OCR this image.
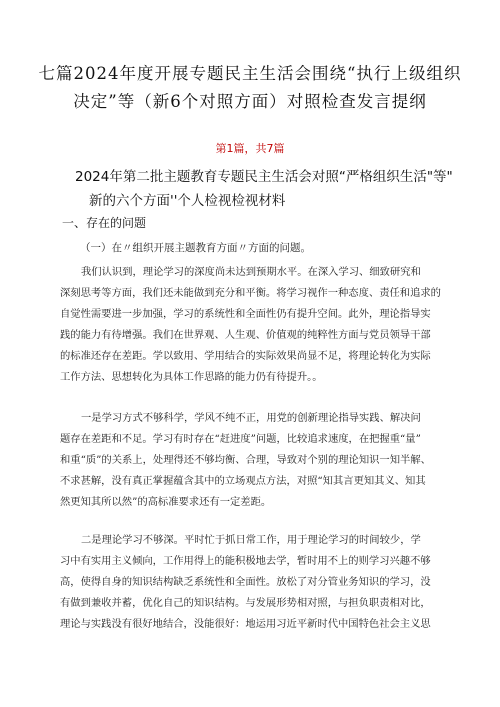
七篇2024年度开展专题民主生活会围绕“执行上级组织
决定”等（新6个对照方面）对照检查发言提纲
第1篇，共7篇
2024年第二批主题教育专题民主生活会对照“严格组织生活"等"
新的六个方面''个人检视检视材料
一、存在的问题
（一）在〃组织开展主题教育方面〃方面的问题。
我们认识到，理论学习的深度尚未达到预期水平。在深入学习、细致研究和
深刻思考等方面，我们还未能做到充分和平衡。将学习视作一种态度、责任和追求的
自觉性需要进一步加强，学习的系统性和全面性仍有提升空间。此外，理论指导实
践的能力有待增强。我们在世界观、人生观、价值观的纯粹性方面与党员领导干部
的标准还存在差距。学以致用、学用结合的实际效果尚显不足，将理论转化为实际
工作方法、思想转化为具体工作思路的能力仍有待提升。。
一是学习方式不够科学，学风不纯不正，用党的创新理论指导实践、解决问
题存在差距和不足。学习有时存在“赶进度”问题，比较追求速度，在把握重“量”
和重“质”的关系上，处理得还不够均衡、合理，导致对个别的理论知识一知半解、
不求甚解，没有真正掌握蕴含其中的立场观点方法，对照“知其言更知其义、知其
然更知其所以然”的高标准要求还有一定差距。
二是理论学习不够深。平时忙于抓日常工作，用于理论学习的时间较少，学
习中有实用主义倾向，工作用得上的能积极地去学，暂时用不上的则学习兴趣不够
高，使得自身的知识结构缺乏系统性和全面性。放松了对分管业务知识的学习，没
有做到兼收并蓄，优化自己的知识结构。与发展形势相对照，与担负职责相对比，
理论与实践没有很好地结合，没能很好：地运用习近平新时代中国特色社会主义思
